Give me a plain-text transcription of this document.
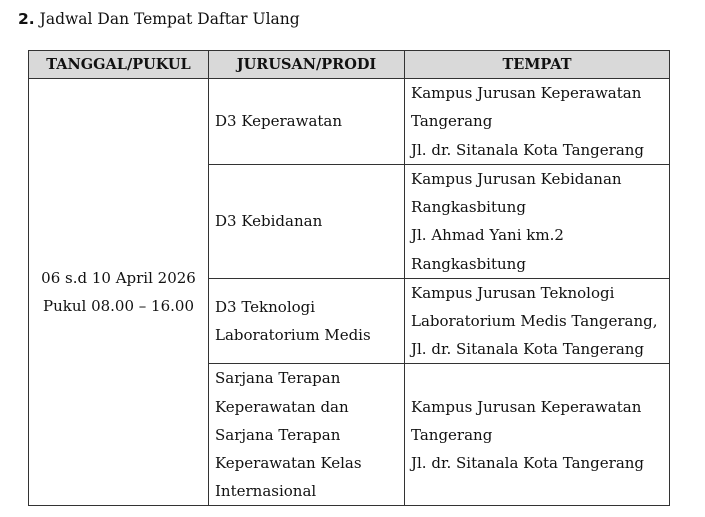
2. Jadwal Dan Tempat Daftar Ulang
TANGGAL/PUKUL	JURUSAN/PRODI	TEMPAT

06 s.d 10 April 2026
Pukul 08.00 – 16.00	D3 Keperawatan	Kampus Jurusan Keperawatan
Tangerang
Jl. dr. Sitanala Kota Tangerang

	D3 Kebidanan	Kampus Jurusan Kebidanan
Rangkasbitung
Jl. Ahmad Yani km.2
Rangkasbitung

	D3 Teknologi
Laboratorium Medis	Kampus Jurusan Teknologi
Laboratorium Medis Tangerang,
Jl. dr. Sitanala Kota Tangerang

	Sarjana Terapan
Keperawatan dan
Sarjana Terapan
Keperawatan Kelas
Internasional	Kampus Jurusan Keperawatan
Tangerang
Jl. dr. Sitanala Kota Tangerang
